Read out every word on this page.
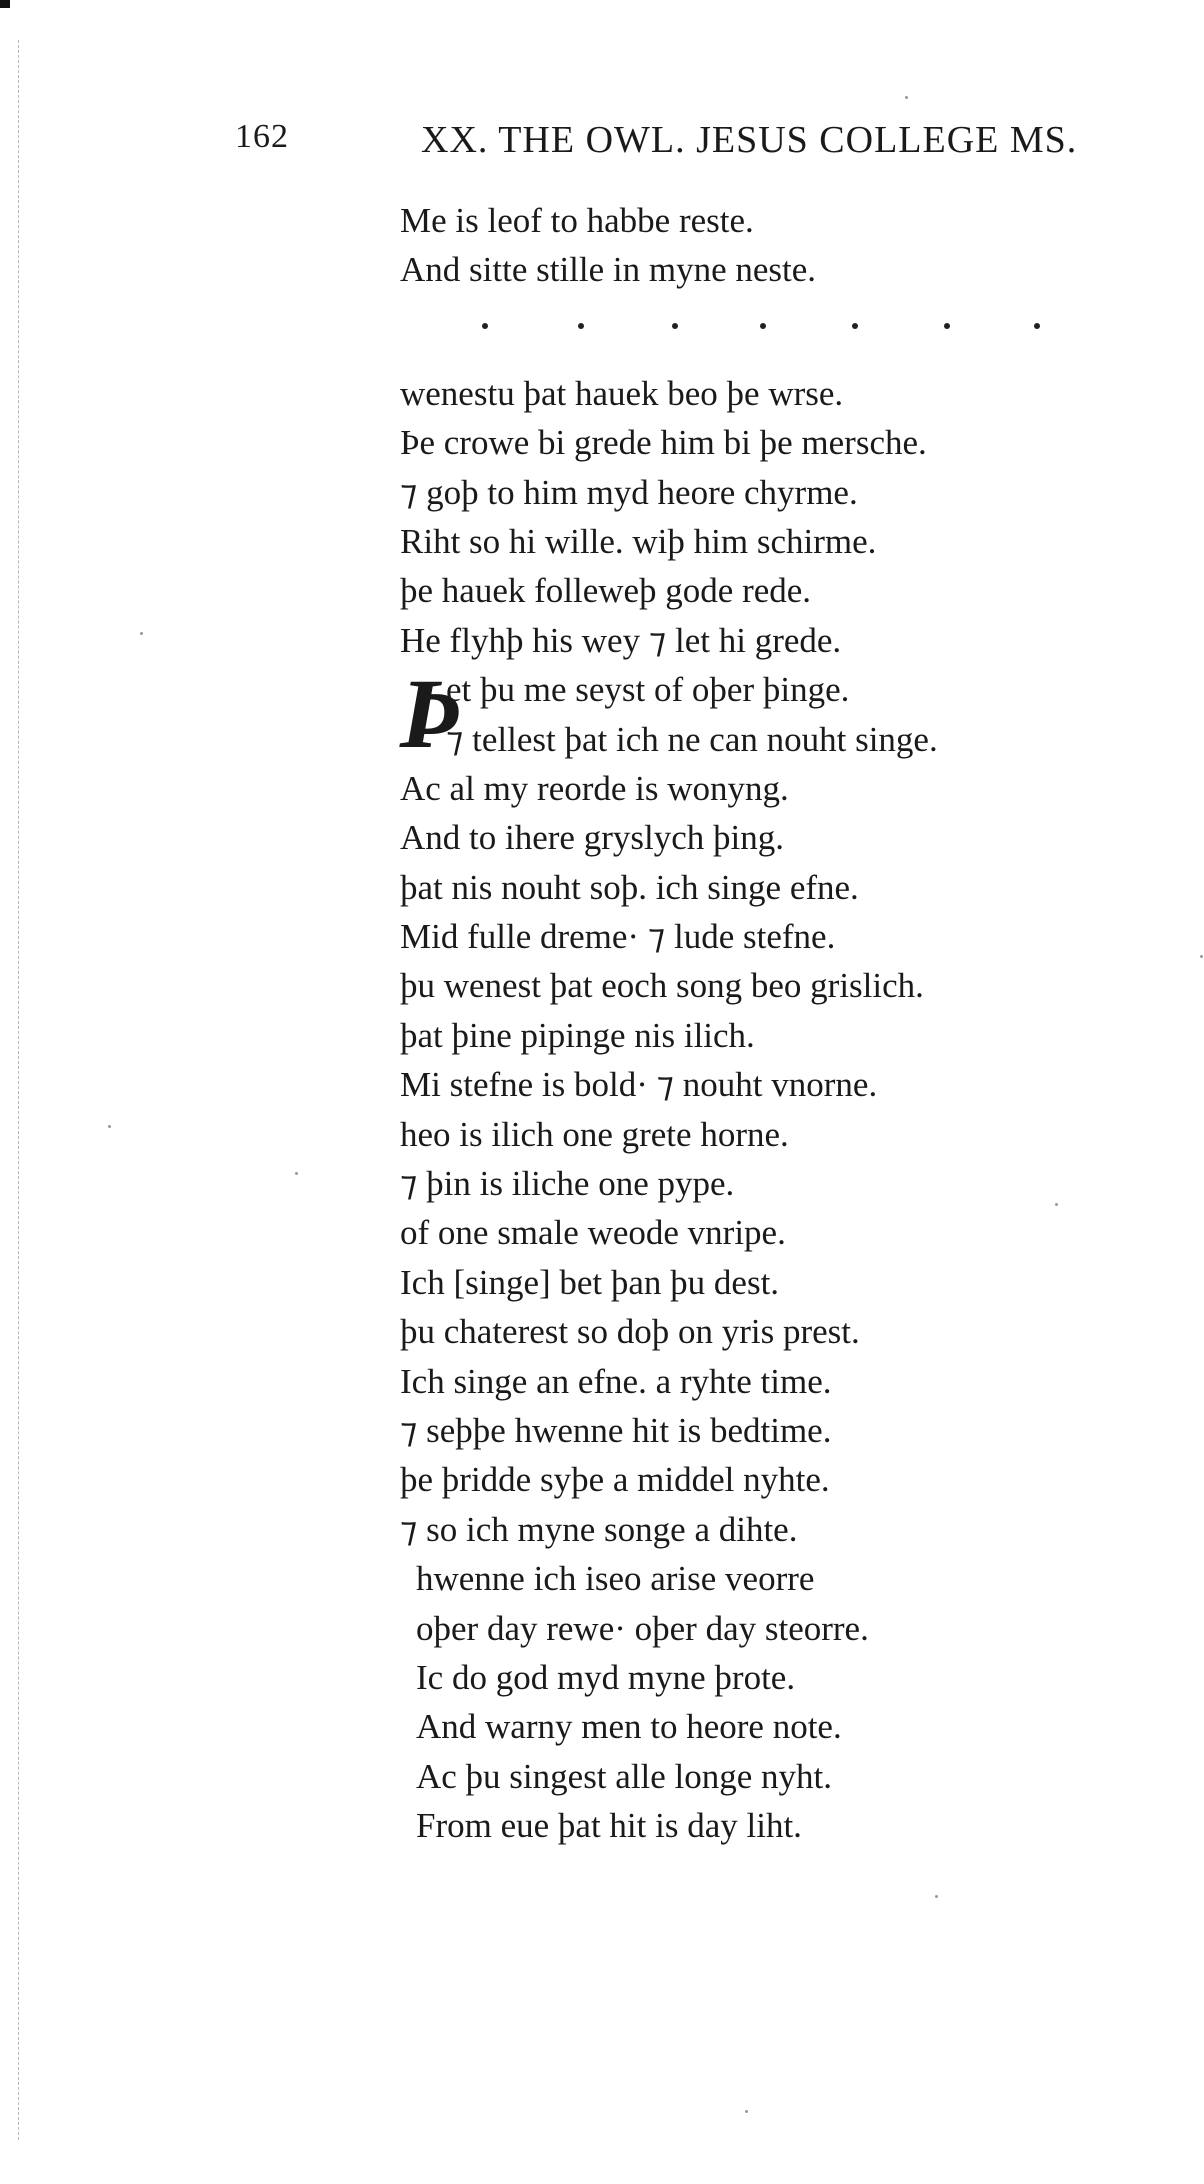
162	XX. THE OWL. JESUS COLLEGE MS.
Me is leof to habbe reste.
And sitte stille in myne neste.
wenestu þat hauek beo þe wrse.
Þe crowe bi grede him bi þe mersche.
⁊ goþ to him myd heore chyrme.
Riht so hi wille. wiþ him schirme.
þe hauek folleweþ gode rede.
He flyhþ his wey ⁊ let hi grede.
Þ
et þu me seyst of oþer þinge.
⁊ tellest þat ich ne can nouht singe.
Ac al my reorde is wonyng.
And to ihere gryslych þing.
þat nis nouht soþ. ich singe efne.
Mid fulle dreme· ⁊ lude stefne.
þu wenest þat eoch song beo grislich.
þat þine pipinge nis ilich.
Mi stefne is bold· ⁊ nouht vnorne.
heo is ilich one grete horne.
⁊ þin is iliche one pype.
of one smale weode vnripe.
Ich [singe] bet þan þu dest.
þu chaterest so doþ on yris prest.
Ich singe an efne. a ryhte time.
⁊ seþþe hwenne hit is bedtime.
þe þridde syþe a middel nyhte.
⁊ so ich myne songe a dihte.
hwenne ich iseo arise veorre
oþer day rewe· oþer day steorre.
Ic do god myd myne þrote.
And warny men to heore note.
Ac þu singest alle longe nyht.
From eue þat hit is day liht.
